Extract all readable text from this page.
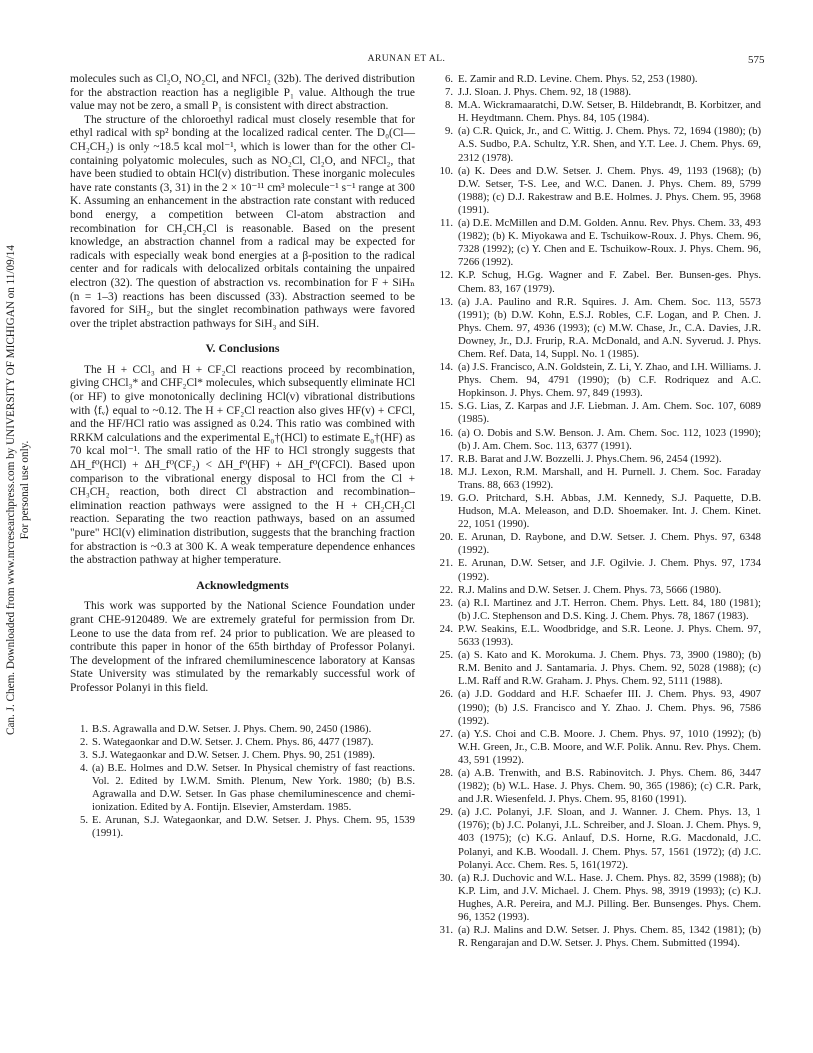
ARUNAN ET AL.	575
Can. J. Chem. Downloaded from www.nrcresearchpress.com by UNIVERSITY OF MICHIGAN on 11/09/14 For personal use only.

molecules such as Cl₂O, NO₂Cl, and NFCl₂ (32b). The derived distribution for the abstraction reaction has a negligible P₁ value. Although the true value may not be zero, a small P₁ is consistent with direct abstraction.

The structure of the chloroethyl radical must closely resemble that for ethyl radical with sp² bonding at the localized radical center. The D₀(Cl—CH₂CH₂) is only ~18.5 kcal mol⁻¹, which is lower than for the other Cl-containing polyatomic molecules, such as NO₂Cl, Cl₂O, and NFCl₂, that have been studied to obtain HCl(v) distribution. These inorganic molecules have rate constants (3, 31) in the 2 × 10⁻¹¹ cm³ molecule⁻¹ s⁻¹ range at 300 K. Assuming an enhancement in the abstraction rate constant with reduced bond energy, a competition between Cl-atom abstraction and recombination for CH₂CH₂Cl is reasonable. Based on the present knowledge, an abstraction channel from a radical may be expected for radicals with especially weak bond energies at a β-position to the radical center and for radicals with delocalized orbitals containing the unpaired electron (32). The question of abstraction vs. recombination for F + SiHₙ (n = 1–3) reactions has been discussed (33). Abstraction seemed to be favored for SiH₂, but the singlet recombination pathways were favored over the triplet abstraction pathways for SiH₃ and SiH.

V. Conclusions

The H + CCl₃ and H + CF₂Cl reactions proceed by recombination, giving CHCl₃* and CHF₂Cl* molecules, which subsequently eliminate HCl (or HF) to give monotonically declining HCl(v) vibrational distributions with ⟨fᵥ⟩ equal to ~0.12. The H + CF₂Cl reaction also gives HF(v) + CFCl, and the HF/HCl ratio was assigned as 0.24. This ratio was combined with RRKM calculations and the experimental E₀†(HCl) to estimate E₀†(HF) as 70 kcal mol⁻¹. The small ratio of the HF to HCl strongly suggests that ΔH_f⁰(HCl) + ΔH_f⁰(CF₂) < ΔH_f⁰(HF) + ΔH_f⁰(CFCl). Based upon comparison to the vibrational energy disposal to HCl from the Cl + CH₃CH₂ reaction, both direct Cl abstraction and recombination–elimination reaction pathways were assigned to the H + CH₂CH₂Cl reaction. Separating the two reaction pathways, based on an assumed "pure" HCl(v) elimination distribution, suggests that the branching fraction for abstraction is ~0.3 at 300 K. A weak temperature dependence enhances the abstraction pathway at higher temperature.

Acknowledgments

This work was supported by the National Science Foundation under grant CHE-9120489. We are extremely grateful for permission from Dr. Leone to use the data from ref. 24 prior to publication. We are pleased to contribute this paper in honor of the 65th birthday of Professor Polanyi. The development of the infrared chemiluminescence laboratory at Kansas State University was stimulated by the remarkably successful work of Professor Polanyi in this field.

1. B.S. Agrawalla and D.W. Setser. J. Phys. Chem. 90, 2450 (1986).
2. S. Wategaonkar and D.W. Setser. J. Chem. Phys. 86, 4477 (1987).
3. S.J. Wategaonkar and D.W. Setser. J. Chem. Phys. 90, 251 (1989).
4. (a) B.E. Holmes and D.W. Setser. In Physical chemistry of fast reactions. Vol. 2. Edited by I.W.M. Smith. Plenum, New York. 1980; (b) B.S. Agrawalla and D.W. Setser. In Gas phase chemiluminescence and chemi-ionization. Edited by A. Fontijn. Elsevier, Amsterdam. 1985.
5. E. Arunan, S.J. Wategaonkar, and D.W. Setser. J. Phys. Chem. 95, 1539 (1991).
6. E. Zamir and R.D. Levine. Chem. Phys. 52, 253 (1980).
7. J.J. Sloan. J. Phys. Chem. 92, 18 (1988).
8. M.A. Wickramaaratchi, D.W. Setser, B. Hildebrandt, B. Korbitzer, and H. Heydtmann. Chem. Phys. 84, 105 (1984).
9. (a) C.R. Quick, Jr., and C. Wittig. J. Chem. Phys. 72, 1694 (1980); (b) A.S. Sudbo, P.A. Schultz, Y.R. Shen, and Y.T. Lee. J. Chem. Phys. 69, 2312 (1978).
10. (a) K. Dees and D.W. Setser. J. Chem. Phys. 49, 1193 (1968); (b) D.W. Setser, T-S. Lee, and W.C. Danen. J. Phys. Chem. 89, 5799 (1988); (c) D.J. Rakestraw and B.E. Holmes. J. Phys. Chem. 95, 3968 (1991).
11. (a) D.E. McMillen and D.M. Golden. Annu. Rev. Phys. Chem. 33, 493 (1982); (b) K. Miyokawa and E. Tschuikow-Roux. J. Phys. Chem. 96, 7328 (1992); (c) Y. Chen and E. Tschuikow-Roux. J. Phys. Chem. 96, 7266 (1992).
12. K.P. Schug, H.Gg. Wagner and F. Zabel. Ber. Bunsen-ges. Phys. Chem. 83, 167 (1979).
13. (a) J.A. Paulino and R.R. Squires. J. Am. Chem. Soc. 113, 5573 (1991); (b) D.W. Kohn, E.S.J. Robles, C.F. Logan, and P. Chen. J. Phys. Chem. 97, 4936 (1993); (c) M.W. Chase, Jr., C.A. Davies, J.R. Downey, Jr., D.J. Frurip, R.A. McDonald, and A.N. Syverud. J. Phys. Chem. Ref. Data, 14, Suppl. No. 1 (1985).
14. (a) J.S. Francisco, A.N. Goldstein, Z. Li, Y. Zhao, and I.H. Williams. J. Phys. Chem. 94, 4791 (1990); (b) C.F. Rodriquez and A.C. Hopkinson. J. Phys. Chem. 97, 849 (1993).
15. S.G. Lias, Z. Karpas and J.F. Liebman. J. Am. Chem. Soc. 107, 6089 (1985).
16. (a) O. Dobis and S.W. Benson. J. Am. Chem. Soc. 112, 1023 (1990); (b) J. Am. Chem. Soc. 113, 6377 (1991).
17. R.B. Barat and J.W. Bozzelli. J. Phys.Chem. 96, 2454 (1992).
18. M.J. Lexon, R.M. Marshall, and H. Purnell. J. Chem. Soc. Faraday Trans. 88, 663 (1992).
19. G.O. Pritchard, S.H. Abbas, J.M. Kennedy, S.J. Paquette, D.B. Hudson, M.A. Meleason, and D.D. Shoemaker. Int. J. Chem. Kinet. 22, 1051 (1990).
20. E. Arunan, D. Raybone, and D.W. Setser. J. Chem. Phys. 97, 6348 (1992).
21. E. Arunan, D.W. Setser, and J.F. Ogilvie. J. Chem. Phys. 97, 1734 (1992).
22. R.J. Malins and D.W. Setser. J. Chem. Phys. 73, 5666 (1980).
23. (a) R.I. Martinez and J.T. Herron. Chem. Phys. Lett. 84, 180 (1981); (b) J.C. Stephenson and D.S. King. J. Chem. Phys. 78, 1867 (1983).
24. P.W. Seakins, E.L. Woodbridge, and S.R. Leone. J. Phys. Chem. 97, 5633 (1993).
25. (a) S. Kato and K. Morokuma. J. Chem. Phys. 73, 3900 (1980); (b) R.M. Benito and J. Santamaria. J. Phys. Chem. 92, 5028 (1988); (c) L.M. Raff and R.W. Graham. J. Phys. Chem. 92, 5111 (1988).
26. (a) J.D. Goddard and H.F. Schaefer III. J. Chem. Phys. 93, 4907 (1990); (b) J.S. Francisco and Y. Zhao. J. Chem. Phys. 96, 7586 (1992).
27. (a) Y.S. Choi and C.B. Moore. J. Chem. Phys. 97, 1010 (1992); (b) W.H. Green, Jr., C.B. Moore, and W.F. Polik. Annu. Rev. Phys. Chem. 43, 591 (1992).
28. (a) A.B. Trenwith, and B.S. Rabinovitch. J. Phys. Chem. 86, 3447 (1982); (b) W.L. Hase. J. Phys. Chem. 90, 365 (1986); (c) C.R. Park, and J.R. Wiesenfeld. J. Phys. Chem. 95, 8160 (1991).
29. (a) J.C. Polanyi, J.F. Sloan, and J. Wanner. J. Chem. Phys. 13, 1 (1976); (b) J.C. Polanyi, J.L. Schreiber, and J. Sloan. J. Chem. Phys. 9, 403 (1975); (c) K.G. Anlauf, D.S. Horne, R.G. Macdonald, J.C. Polanyi, and K.B. Woodall. J. Chem. Phys. 57, 1561 (1972); (d) J.C. Polanyi. Acc. Chem. Res. 5, 161(1972).
30. (a) R.J. Duchovic and W.L. Hase. J. Chem. Phys. 82, 3599 (1988); (b) K.P. Lim, and J.V. Michael. J. Chem. Phys. 98, 3919 (1993); (c) K.J. Hughes, A.R. Pereira, and M.J. Pilling. Ber. Bunsenges. Phys. Chem. 96, 1352 (1993).
31. (a) R.J. Malins and D.W. Setser. J. Phys. Chem. 85, 1342 (1981); (b) R. Rengarajan and D.W. Setser. J. Phys. Chem. Submitted (1994).
